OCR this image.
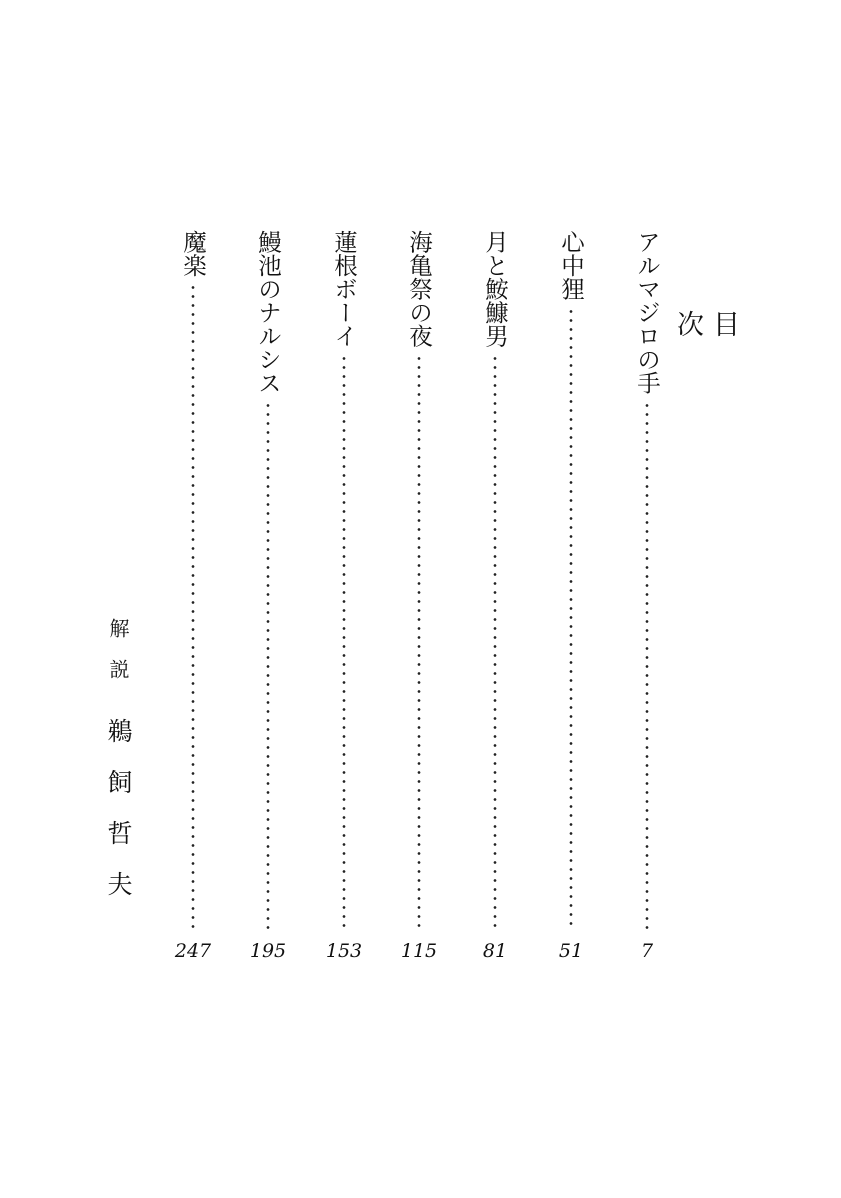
目次
アルマジロの手
7
心中狸
51
月と鮟鱇男
81
海亀祭の夜
115
蓮根ボーイ
153
鰻池のナルシス
195
魔楽
247
解説
鵜飼哲夫
